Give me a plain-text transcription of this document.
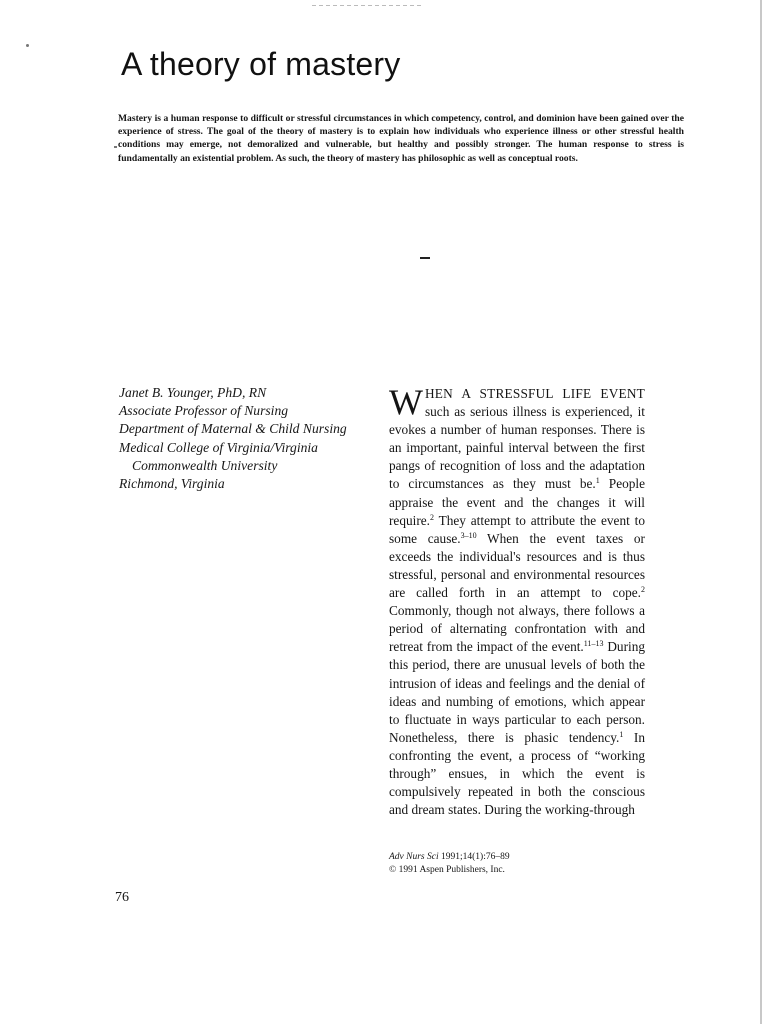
A theory of mastery

Mastery is a human response to difficult or stressful circumstances in which competency, control, and dominion have been gained over the experience of stress. The goal of the theory of mastery is to explain how individuals who experience illness or other stressful health conditions may emerge, not demoralized and vulnerable, but healthy and possibly stronger. The human response to stress is fundamentally an existential problem. As such, the theory of mastery has philosophic as well as conceptual roots.

Janet B. Younger, PhD, RN
Associate Professor of Nursing
Department of Maternal & Child Nursing
Medical College of Virginia/Virginia
Commonwealth University
Richmond, Virginia

WHEN A STRESSFUL LIFE EVENT such as serious illness is experienced, it evokes a number of human responses. There is an important, painful interval between the first pangs of recognition of loss and the adaptation to circumstances as they must be.$^1$ People appraise the event and the changes it will require.$^2$ They attempt to attribute the event to some cause.$^{3-10}$ When the event taxes or exceeds the individual's resources and is thus stressful, personal and environmental resources are called forth in an attempt to cope.$^2$ Commonly, though not always, there follows a period of alternating confrontation with and retreat from the impact of the event.$^{11-13}$ During this period, there are unusual levels of both the intrusion of ideas and feelings and the denial of ideas and numbing of emotions, which appear to fluctuate in ways particular to each person. Nonetheless, there is phasic tendency.$^1$ In confronting the event, a process of “working through” ensues, in which the event is compulsively repeated in both the conscious and dream states. During the working-through

Adv Nurs Sci 1991;14(1):76–89
© 1991 Aspen Publishers, Inc.
76
